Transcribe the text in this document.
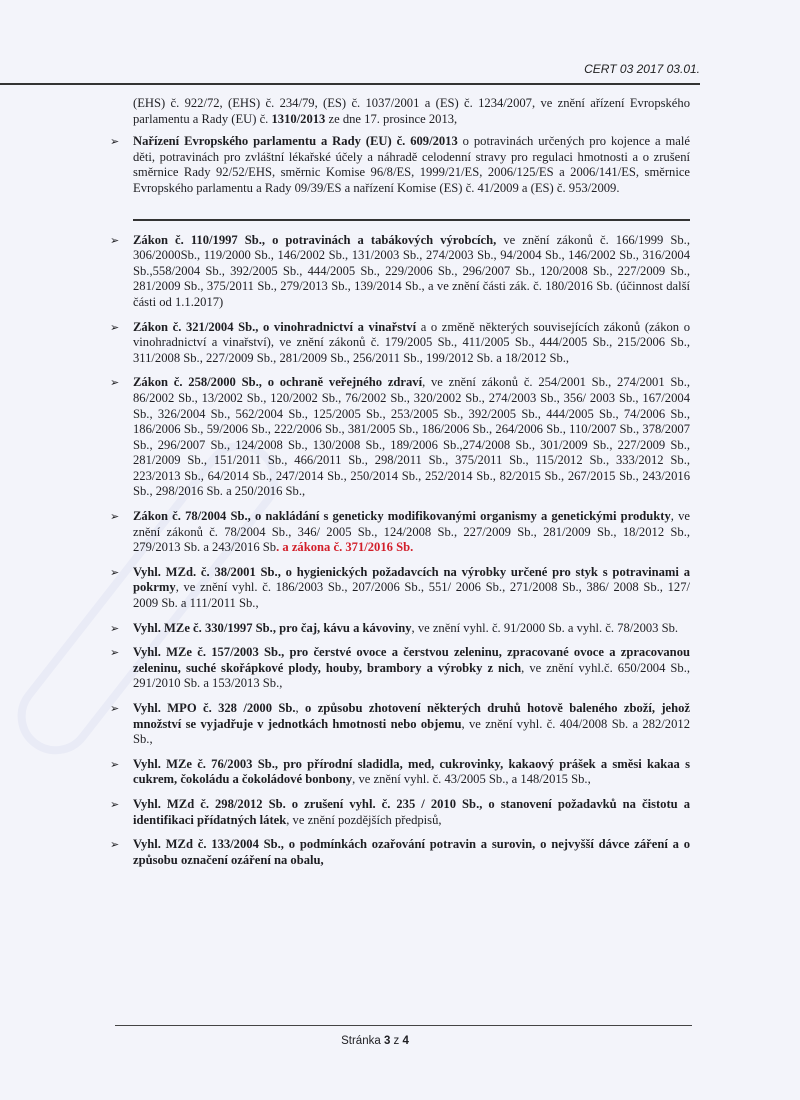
CERT 03 2017 03.01.
(EHS) č. 922/72, (EHS) č. 234/79, (ES) č. 1037/2001 a (ES) č. 1234/2007, ve znění ařízení Evropského parlamentu a Rady (EU) č. 1310/2013 ze dne 17. prosince 2013,
➢ Nařízení Evropského parlamentu a Rady (EU) č. 609/2013 o potravinách určených pro kojence a malé děti, potravinách pro zvláštní lékařské účely a náhradě celodenní stravy pro regulaci hmotnosti a o zrušení směrnice Rady 92/52/EHS, směrnic Komise 96/8/ES, 1999/21/ES, 2006/125/ES a 2006/141/ES, směrnice Evropského parlamentu a Rady 09/39/ES a nařízení Komise (ES) č. 41/2009 a (ES) č. 953/2009.
➢ Zákon č. 110/1997 Sb., o potravinách a tabákových výrobcích, ve znění zákonů č. 166/1999 Sb., 306/2000Sb., 119/2000 Sb., 146/2002 Sb., 131/2003 Sb., 274/2003 Sb., 94/2004 Sb., 146/2002 Sb., 316/2004 Sb.,558/2004 Sb., 392/2005 Sb., 444/2005 Sb., 229/2006 Sb., 296/2007 Sb., 120/2008 Sb., 227/2009 Sb., 281/2009 Sb., 375/2011 Sb., 279/2013 Sb., 139/2014 Sb., a ve znění části zák. č. 180/2016 Sb. (účinnost další části od 1.1.2017)
➢ Zákon č. 321/2004 Sb., o vinohradnictví a vinařství a o změně některých souvisejících zákonů (zákon o vinohradnictví a vinařství), ve znění zákonů č. 179/2005 Sb., 411/2005 Sb., 444/2005 Sb., 215/2006 Sb., 311/2008 Sb., 227/2009 Sb., 281/2009 Sb., 256/2011 Sb., 199/2012 Sb. a 18/2012 Sb.,
➢ Zákon č. 258/2000 Sb., o ochraně veřejného zdraví, ve znění zákonů č. 254/2001 Sb., 274/2001 Sb., 86/2002 Sb., 13/2002 Sb., 120/2002 Sb., 76/2002 Sb., 320/2002 Sb., 274/2003 Sb., 356/ 2003 Sb., 167/2004 Sb., 326/2004 Sb., 562/2004 Sb., 125/2005 Sb., 253/2005 Sb., 392/2005 Sb., 444/2005 Sb., 74/2006 Sb., 186/2006 Sb., 59/2006 Sb., 222/2006 Sb., 381/2005 Sb., 186/2006 Sb., 264/2006 Sb., 110/2007 Sb., 378/2007 Sb., 296/2007 Sb., 124/2008 Sb., 130/2008 Sb., 189/2006 Sb.,274/2008 Sb., 301/2009 Sb., 227/2009 Sb., 281/2009 Sb., 151/2011 Sb., 466/2011 Sb., 298/2011 Sb., 375/2011 Sb., 115/2012 Sb., 333/2012 Sb., 223/2013 Sb., 64/2014 Sb., 247/2014 Sb., 250/2014 Sb., 252/2014 Sb., 82/2015 Sb., 267/2015 Sb., 243/2016 Sb., 298/2016 Sb. a 250/2016 Sb.,
➢ Zákon č. 78/2004 Sb., o nakládání s geneticky modifikovanými organismy a genetickými produkty, ve znění zákonů č. 78/2004 Sb., 346/ 2005 Sb., 124/2008 Sb., 227/2009 Sb., 281/2009 Sb., 18/2012 Sb., 279/2013 Sb. a 243/2016 Sb. a zákona č. 371/2016 Sb.
➢ Vyhl. MZd. č. 38/2001 Sb., o hygienických požadavcích na výrobky určené pro styk s potravinami a pokrmy, ve znění vyhl. č. 186/2003 Sb., 207/2006 Sb., 551/ 2006 Sb., 271/2008 Sb., 386/ 2008 Sb., 127/ 2009 Sb. a 111/2011 Sb.,
➢ Vyhl. MZe č. 330/1997 Sb., pro čaj, kávu a kávoviny, ve znění vyhl. č. 91/2000 Sb. a vyhl. č. 78/2003 Sb.
➢ Vyhl. MZe č. 157/2003 Sb., pro čerstvé ovoce a čerstvou zeleninu, zpracované ovoce a zpracovanou zeleninu, suché skořápkové plody, houby, brambory a výrobky z nich, ve znění vyhl.č. 650/2004 Sb., 291/2010 Sb. a 153/2013 Sb.,
➢ Vyhl. MPO č. 328 /2000 Sb., o způsobu zhotovení některých druhů hotově baleného zboží, jehož množství se vyjadřuje v jednotkách hmotnosti nebo objemu, ve znění vyhl. č. 404/2008 Sb. a 282/2012 Sb.,
➢ Vyhl. MZe č. 76/2003 Sb., pro přírodní sladidla, med, cukrovinky, kakaový prášek a směsi kakaa s cukrem, čokoládu a čokoládové bonbony, ve znění vyhl. č. 43/2005 Sb., a 148/2015 Sb.,
➢ Vyhl. MZd č. 298/2012 Sb. o zrušení vyhl. č. 235 / 2010 Sb., o stanovení požadavků na čistotu a identifikaci přídatných látek, ve znění pozdějších předpisů,
➢ Vyhl. MZd č. 133/2004 Sb., o podmínkách ozařování potravin a surovin, o nejvyšší dávce záření a o způsobu označení ozáření na obalu,
Stránka 3 z 4
